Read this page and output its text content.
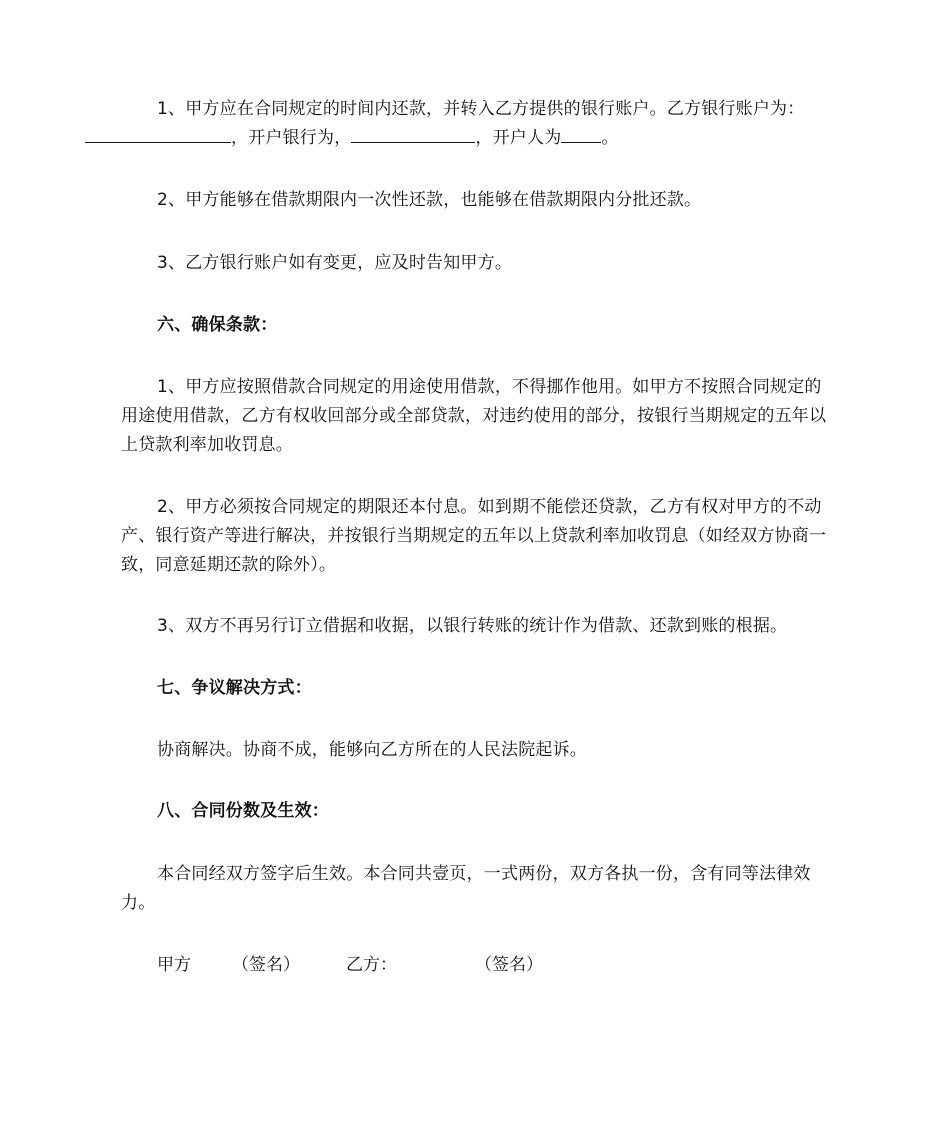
1、甲方应在合同规定的时间内还款，并转入乙方提供的银行账户。乙方银行账户为：，开户银行为，	，开户人为 。

2、甲方能够在借款期限内一次性还款，也能够在借款期限内分批还款。

3、乙方银行账户如有变更，应及时告知甲方。

六、确保条款：

1、甲方应按照借款合同规定的用途使用借款，不得挪作他用。如甲方不按照合同规定的用途使用借款，乙方有权收回部分或全部贷款，对违约使用的部分，按银行当期规定的五年以上贷款利率加收罚息。

2、甲方必须按合同规定的期限还本付息。如到期不能偿还贷款，乙方有权对甲方的不动产、银行资产等进行解决，并按银行当期规定的五年以上贷款利率加收罚息（如经双方协商一致，同意延期还款的除外）。

3、双方不再另行订立借据和收据，以银行转账的统计作为借款、还款到账的根据。

七、争议解决方式：

协商解决。协商不成，能够向乙方所在的人民法院起诉。

八、合同份数及生效：

本合同经双方签字后生效。本合同共壹页，一式两份，双方各执一份，含有同等法律效力。

甲方 （签名）	乙方：	（签名）
